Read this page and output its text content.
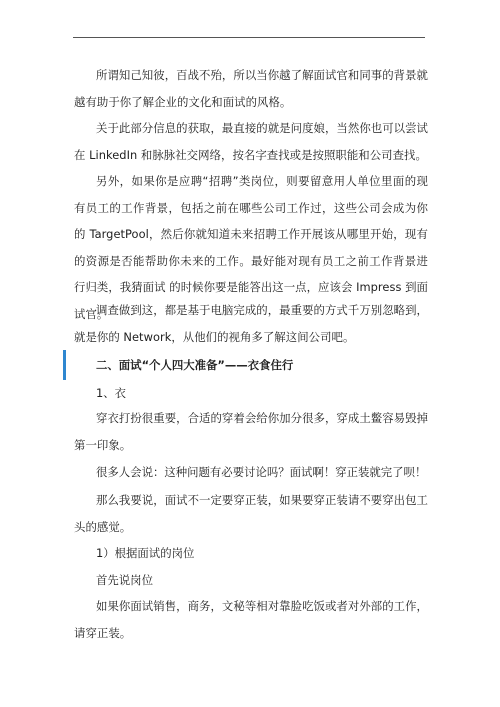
所谓知己知彼，百战不殆，所以当你越了解面试官和同事的背景就越有助于你了解企业的文化和面试的风格。

关于此部分信息的获取，最直接的就是问度娘，当然你也可以尝试在 LinkedIn 和脉脉社交网络，按名字查找或是按照职能和公司查找。

另外，如果你是应聘“招聘”类岗位，则要留意用人单位里面的现有员工的工作背景，包括之前在哪些公司工作过，这些公司会成为你的 TargetPool，然后你就知道未来招聘工作开展该从哪里开始，现有的资源是否能帮助你未来的工作。最好能对现有员工之前工作背景进行归类，我猜面试 的时候你要是能答出这一点，应该会 Impress 到面试官。

调查做到这，都是基于电脑完成的，最重要的方式千万别忽略到，就是你的 Network，从他们的视角多了解这间公司吧。

二、面试“个人四大准备”——衣食住行

1、衣

穿衣打扮很重要，合适的穿着会给你加分很多，穿成土鳖容易毁掉第一印象。

很多人会说：这种问题有必要讨论吗？面试啊！穿正装就完了呗！

那么我要说，面试不一定要穿正装，如果要穿正装请不要穿出包工头的感觉。

1）根据面试的岗位

首先说岗位

如果你面试销售，商务，文秘等相对靠脸吃饭或者对外部的工作，请穿正装。
